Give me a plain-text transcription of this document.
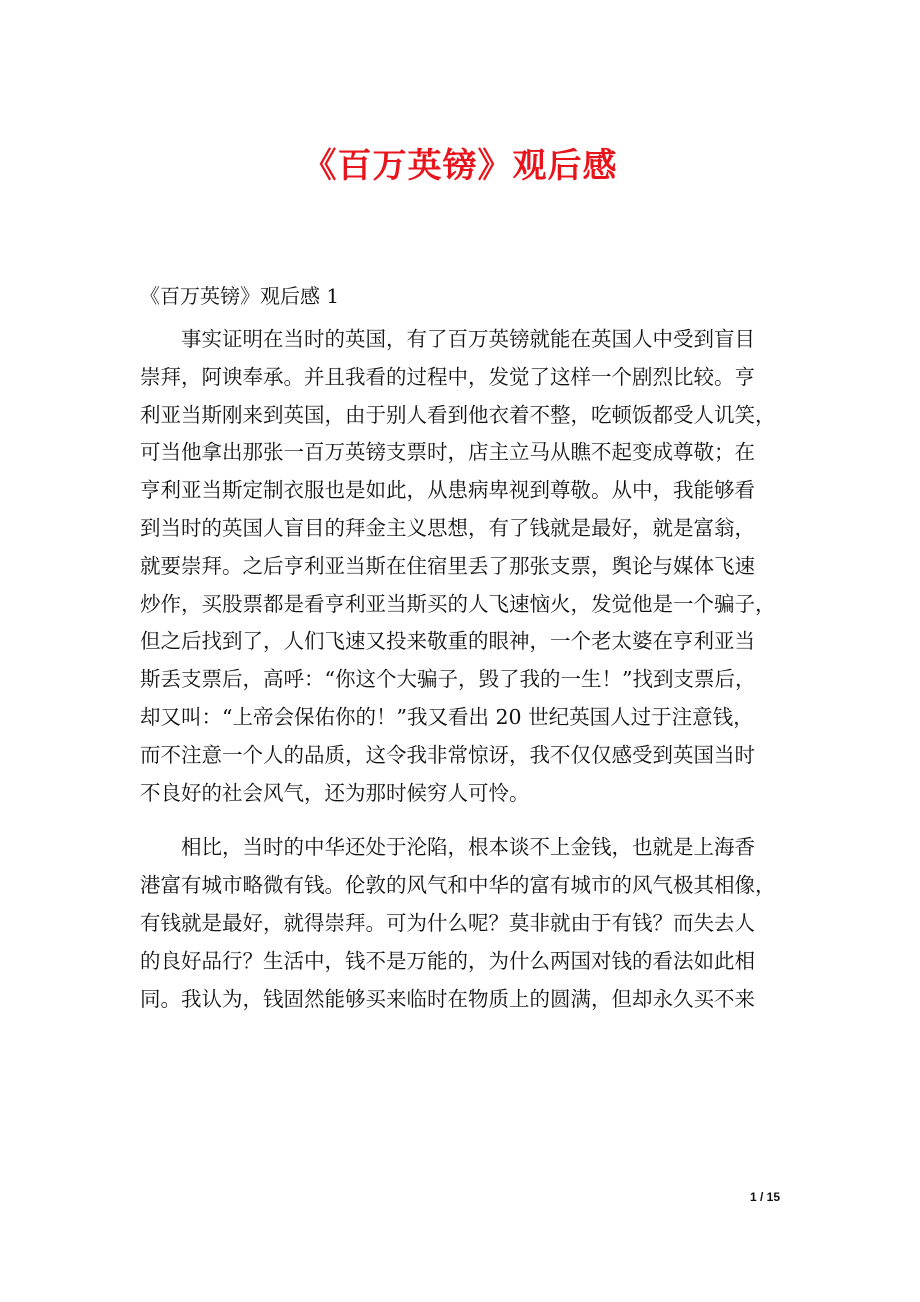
《百万英镑》观后感
《百万英镑》观后感 1
　　事实证明在当时的英国，有了百万英镑就能在英国人中受到盲目
崇拜，阿谀奉承。并且我看的过程中，发觉了这样一个剧烈比较。亨
利亚当斯刚来到英国，由于别人看到他衣着不整，吃顿饭都受人讥笑，
可当他拿出那张一百万英镑支票时，店主立马从瞧不起变成尊敬；在
亨利亚当斯定制衣服也是如此，从患病卑视到尊敬。从中，我能够看
到当时的英国人盲目的拜金主义思想，有了钱就是最好，就是富翁，
就要崇拜。之后亨利亚当斯在住宿里丢了那张支票，舆论与媒体飞速
炒作，买股票都是看亨利亚当斯买的人飞速恼火，发觉他是一个骗子，
但之后找到了，人们飞速又投来敬重的眼神，一个老太婆在亨利亚当
斯丢支票后，高呼：“你这个大骗子，毁了我的一生！”找到支票后，
却又叫：“上帝会保佑你的！”我又看出 20 世纪英国人过于注意钱，
而不注意一个人的品质，这令我非常惊讶，我不仅仅感受到英国当时
不良好的社会风气，还为那时候穷人可怜。
　　相比，当时的中华还处于沦陷，根本谈不上金钱，也就是上海香
港富有城市略微有钱。伦敦的风气和中华的富有城市的风气极其相像，
有钱就是最好，就得崇拜。可为什么呢？莫非就由于有钱？而失去人
的良好品行？生活中，钱不是万能的，为什么两国对钱的看法如此相
同。我认为，钱固然能够买来临时在物质上的圆满，但却永久买不来
1 / 15
